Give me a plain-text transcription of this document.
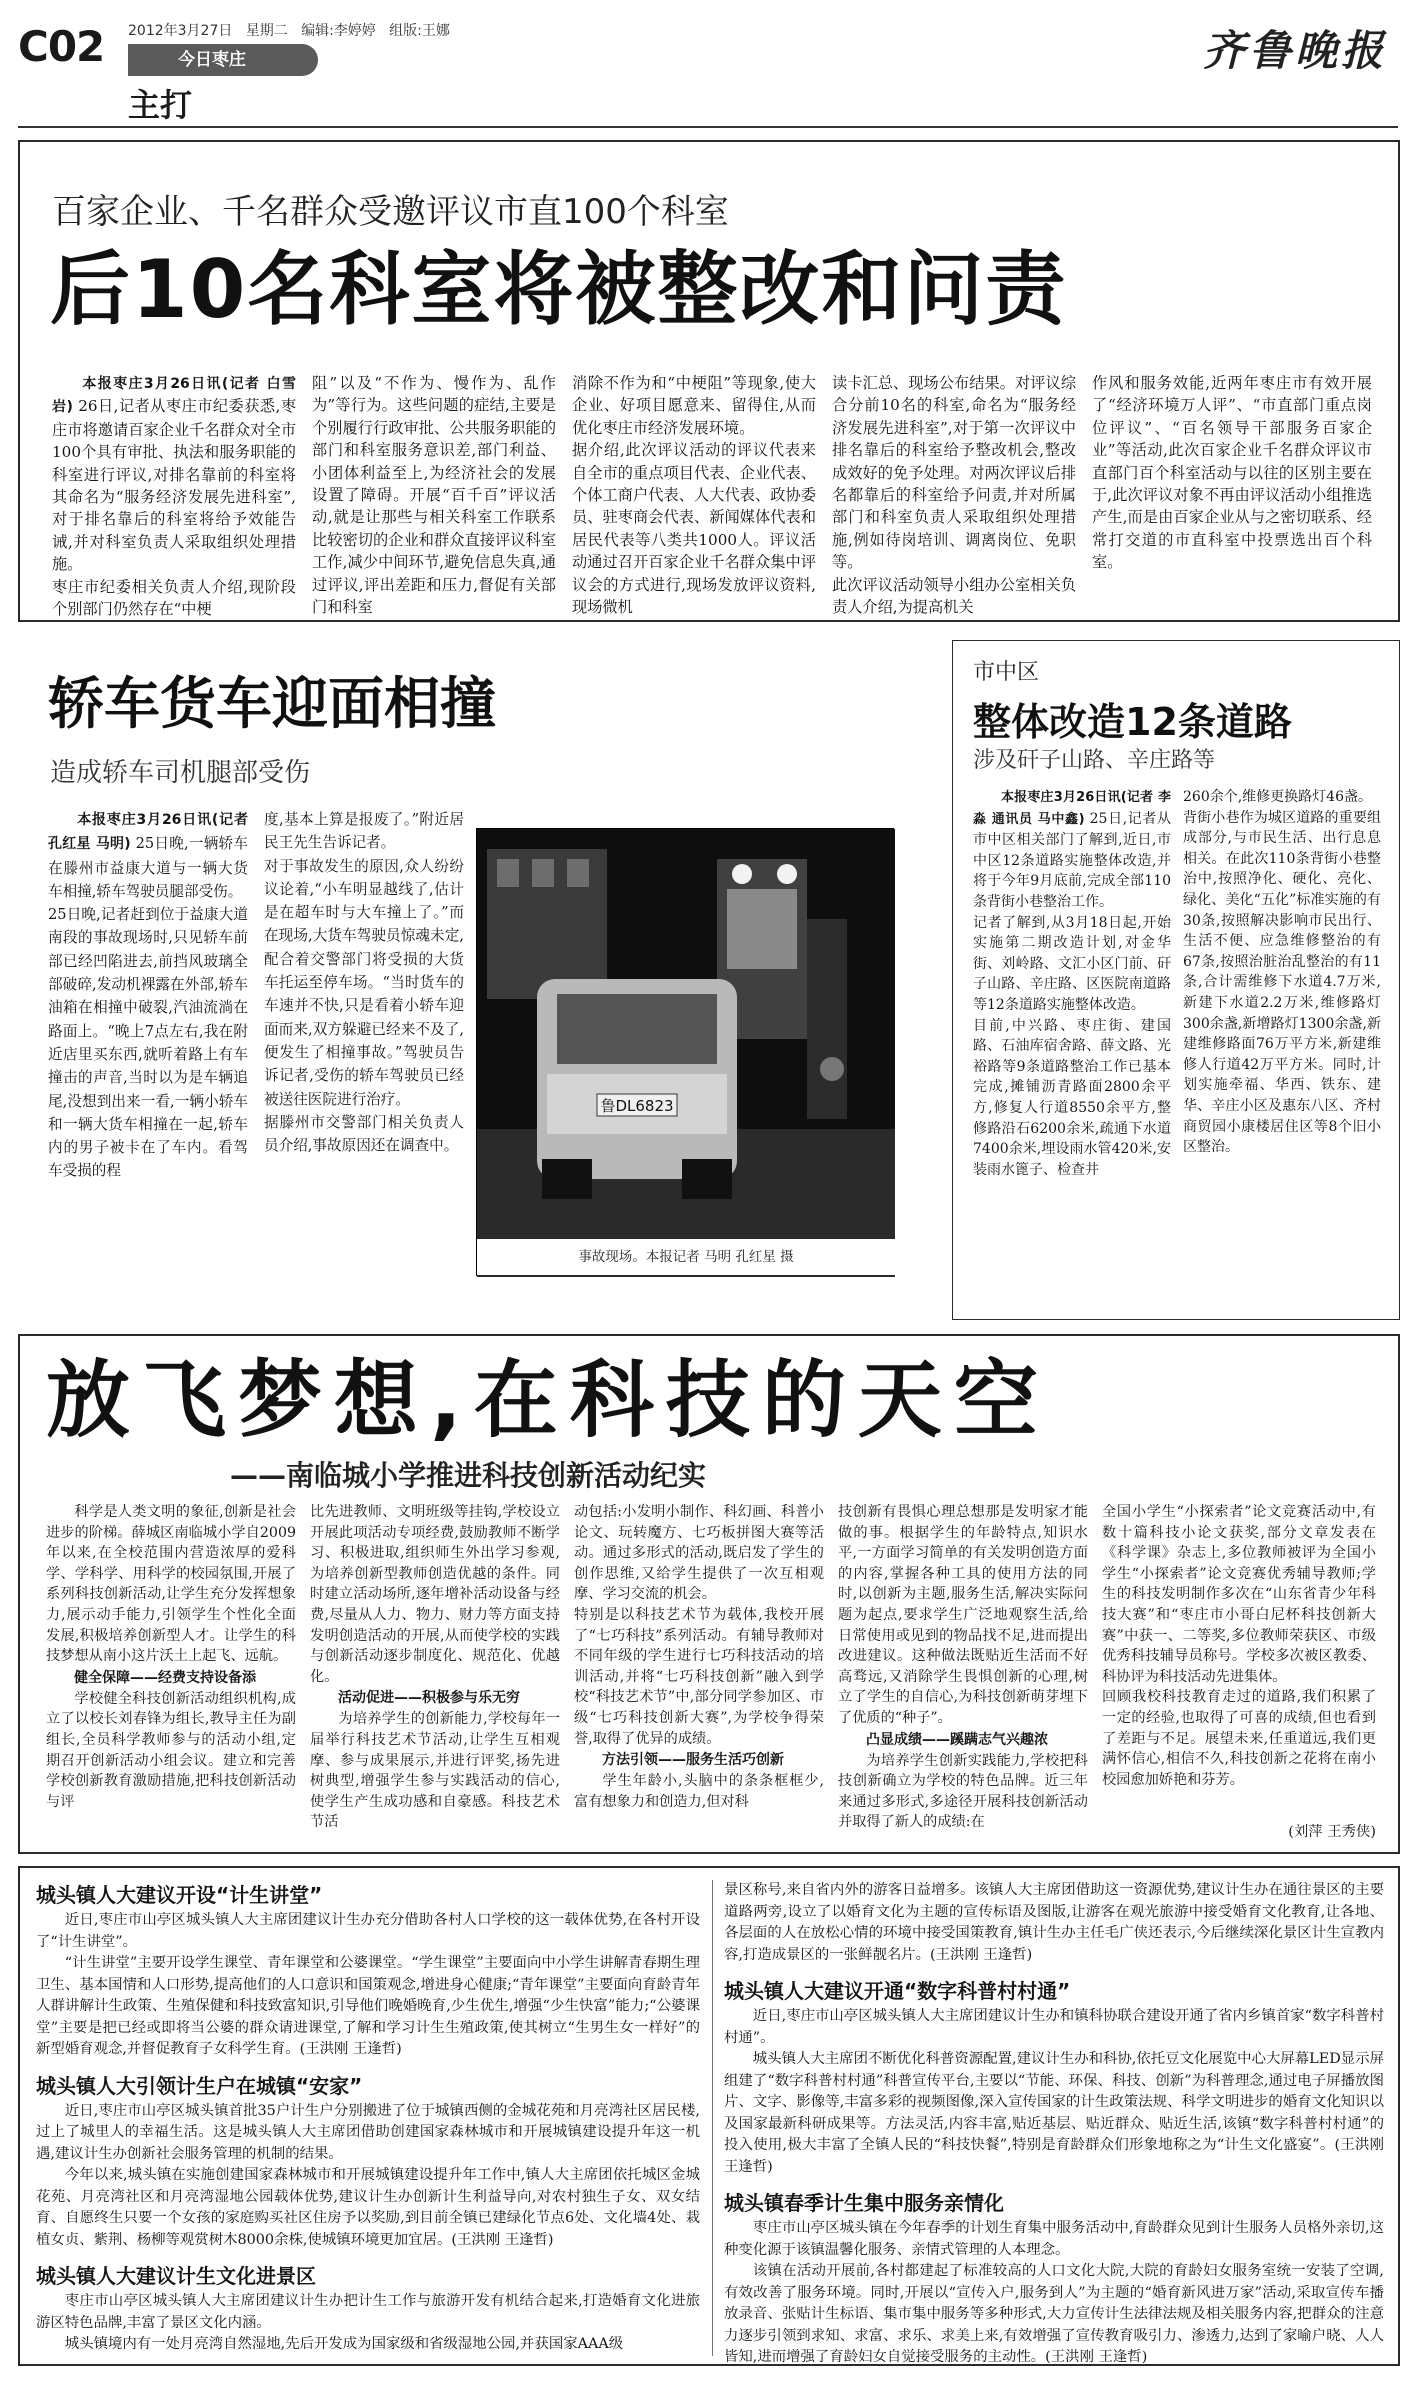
C02 2012年3月27日 星期二 编辑:李婷婷 组版:王娜
今日枣庄
主打
齐鲁晚报
百家企业、千名群众受邀评议市直100个科室
后10名科室将被整改和问责
本报枣庄3月26日讯(记者 白雪岩) 26日,记者从枣庄市纪委获悉,枣庄市将邀请百家企业千名群众对全市100个具有审批、执法和服务职能的科室进行评议,对排名靠前的科室将其命名为“服务经济发展先进科室”,对于排名靠后的科室将给予效能告诫,并对科室负责人采取组织处理措施。
枣庄市纪委相关负责人介绍,现阶段个别部门仍然存在“中梗
阻”以及“不作为、慢作为、乱作为”等行为。这些问题的症结,主要是个别履行行政审批、公共服务职能的部门和科室服务意识差,部门利益、小团体利益至上,为经济社会的发展设置了障碍。开展“百千百”评议活动,就是让那些与相关科室工作联系比较密切的企业和群众直接评议科室工作,减少中间环节,避免信息失真,通过评议,评出差距和压力,督促有关部门和科室
消除不作为和“中梗阻”等现象,使大企业、好项目愿意来、留得住,从而优化枣庄市经济发展环境。
据介绍,此次评议活动的评议代表来自全市的重点项目代表、企业代表、个体工商户代表、人大代表、政协委员、驻枣商会代表、新闻媒体代表和居民代表等八类共1000人。评议活动通过召开百家企业千名群众集中评议会的方式进行,现场发放评议资料,现场微机
读卡汇总、现场公布结果。对评议综合分前10名的科室,命名为“服务经济发展先进科室”,对于第一次评议中排名靠后的科室给予整改机会,整改成效好的免予处理。对两次评议后排名都靠后的科室给予问责,并对所属部门和科室负责人采取组织处理措施,例如待岗培训、调离岗位、免职等。
此次评议活动领导小组办公室相关负责人介绍,为提高机关
作风和服务效能,近两年枣庄市有效开展了“经济环境万人评”、“市直部门重点岗位评议”、“百名领导干部服务百家企业”等活动,此次百家企业千名群众评议市直部门百个科室活动与以往的区别主要在于,此次评议对象不再由评议活动小组推选产生,而是由百家企业从与之密切联系、经常打交道的市直科室中投票选出百个科室。
轿车货车迎面相撞
造成轿车司机腿部受伤
本报枣庄3月26日讯(记者 孔红星 马明) 25日晚,一辆轿车在滕州市益康大道与一辆大货车相撞,轿车驾驶员腿部受伤。
25日晚,记者赶到位于益康大道南段的事故现场时,只见轿车前部已经凹陷进去,前挡风玻璃全部破碎,发动机裸露在外部,轿车油箱在相撞中破裂,汽油流淌在路面上。“晚上7点左右,我在附近店里买东西,就听着路上有车撞击的声音,当时以为是车辆追尾,没想到出来一看,一辆小轿车和一辆大货车相撞在一起,轿车内的男子被卡在了车内。看驾车受损的程
度,基本上算是报废了。”附近居民王先生告诉记者。
对于事故发生的原因,众人纷纷议论着,“小车明显越线了,估计是在超车时与大车撞上了。”而在现场,大货车驾驶员惊魂未定,配合着交警部门将受损的大货车托运至停车场。“当时货车的车速并不快,只是看着小轿车迎面而来,双方躲避已经来不及了,便发生了相撞事故。”驾驶员告诉记者,受伤的轿车驾驶员已经被送往医院进行治疗。
据滕州市交警部门相关负责人员介绍,事故原因还在调查中。
鲁DL6823
事故现场。本报记者 马明 孔红星 摄
市中区
整体改造12条道路
涉及矸子山路、辛庄路等
本报枣庄3月26日讯(记者 李淼 通讯员 马中鑫) 25日,记者从市中区相关部门了解到,近日,市中区12条道路实施整体改造,并将于今年9月底前,完成全部110条背街小巷整治工作。
记者了解到,从3月18日起,开始实施第二期改造计划,对金华街、刘岭路、文汇小区门前、矸子山路、辛庄路、区医院南道路等12条道路实施整体改造。
目前,中兴路、枣庄街、建国路、石油库宿舍路、薛文路、光裕路等9条道路整治工作已基本完成,摊铺沥青路面2800余平方,修复人行道8550余平方,整修路沿石6200余米,疏通下水道7400余米,埋设雨水管420米,安装雨水篦子、检查井
260余个,维修更换路灯46盏。
背街小巷作为城区道路的重要组成部分,与市民生活、出行息息相关。在此次110条背街小巷整治中,按照净化、硬化、亮化、绿化、美化“五化”标准实施的有30条,按照解决影响市民出行、生活不便、应急维修整治的有67条,按照治脏治乱整治的有11条,合计需维修下水道4.7万米,新建下水道2.2万米,维修路灯300余盏,新增路灯1300余盏,新建维修路面76万平方米,新建维修人行道42万平方米。同时,计划实施牵福、华西、铁东、建华、辛庄小区及惠东八区、齐村商贸园小康楼居住区等8个旧小区整治。
放飞梦想,在科技的天空
——南临城小学推进科技创新活动纪实
科学是人类文明的象征,创新是社会进步的阶梯。薛城区南临城小学自2009年以来,在全校范围内营造浓厚的爱科学、学科学、用科学的校园氛围,开展了系列科技创新活动,让学生充分发挥想象力,展示动手能力,引领学生个性化全面发展,积极培养创新型人才。让学生的科技梦想从南小这片沃土上起飞、远航。
健全保障——经费支持设备添
学校健全科技创新活动组织机构,成立了以校长刘春锋为组长,教导主任为副组长,全员科学教师参与的活动小组,定期召开创新活动小组会议。建立和完善学校创新教育激励措施,把科技创新活动与评
比先进教师、文明班级等挂钩,学校设立开展此项活动专项经费,鼓励教师不断学习、积极进取,组织师生外出学习参观,为培养创新型教师创造优越的条件。同时建立活动场所,逐年增补活动设备与经费,尽量从人力、物力、财力等方面支持发明创造活动的开展,从而使学校的实践与创新活动逐步制度化、规范化、优越化。
活动促进——积极参与乐无穷
为培养学生的创新能力,学校每年一届举行科技艺术节活动,让学生互相观摩、参与成果展示,并进行评奖,扬先进树典型,增强学生参与实践活动的信心,使学生产生成功感和自豪感。科技艺术节活
动包括:小发明小制作、科幻画、科普小论文、玩转魔方、七巧板拼图大赛等活动。通过多形式的活动,既启发了学生的创作思维,又给学生提供了一次互相观摩、学习交流的机会。
特别是以科技艺术节为载体,我校开展了“七巧科技”系列活动。有辅导教师对不同年级的学生进行七巧科技活动的培训活动,并将“七巧科技创新”融入到学校“科技艺术节”中,部分同学参加区、市级“七巧科技创新大赛”,为学校争得荣誉,取得了优异的成绩。
方法引领——服务生活巧创新
学生年龄小,头脑中的条条框框少,富有想象力和创造力,但对科
技创新有畏惧心理总想那是发明家才能做的事。根据学生的年龄特点,知识水平,一方面学习简单的有关发明创造方面的内容,掌握各种工具的使用方法的同时,以创新为主题,服务生活,解决实际问题为起点,要求学生广泛地观察生活,给日常使用或见到的物品找不足,进而提出改进建议。这种做法既贴近生活而不好高骛远,又消除学生畏惧创新的心理,树立了学生的自信心,为科技创新萌芽埋下了优质的“种子”。
凸显成绩——蹊蹒志气兴趣浓
为培养学生创新实践能力,学校把科技创新确立为学校的特色品牌。近三年来通过多形式,多途径开展科技创新活动并取得了新人的成绩:在
全国小学生“小探索者”论文竞赛活动中,有数十篇科技小论文获奖,部分文章发表在《科学课》杂志上,多位教师被评为全国小学生“小探索者”论文竞赛优秀辅导教师;学生的科技发明制作多次在“山东省青少年科技大赛”和“枣庄市小哥白尼杯科技创新大赛”中获一、二等奖,多位教师荣获区、市级优秀科技辅导员称号。学校多次被区教委、科协评为科技活动先进集体。
回顾我校科技教育走过的道路,我们积累了一定的经验,也取得了可喜的成绩,但也看到了差距与不足。展望未来,任重道远,我们更满怀信心,相信不久,科技创新之花将在南小校园愈加娇艳和芬芳。
(刘萍 王秀侠)
城头镇人大建议开设“计生讲堂”
近日,枣庄市山亭区城头镇人大主席团建议计生办充分借助各村人口学校的这一载体优势,在各村开设了“计生讲堂”。
“计生讲堂”主要开设学生课堂、青年课堂和公婆课堂。“学生课堂”主要面向中小学生讲解青春期生理卫生、基本国情和人口形势,提高他们的人口意识和国策观念,增进身心健康;“青年课堂”主要面向育龄青年人群讲解计生政策、生殖保健和科技致富知识,引导他们晚婚晚育,少生优生,增强“少生快富”能力;“公婆课堂”主要是把已经或即将当公婆的群众请进课堂,了解和学习计生生殖政策,使其树立“生男生女一样好”的新型婚育观念,并督促教育子女科学生育。(王洪刚 王逢哲)
城头镇人大引领计生户在城镇“安家”
近日,枣庄市山亭区城头镇首批35户计生户分别搬进了位于城镇西侧的金城花苑和月亮湾社区居民楼,过上了城里人的幸福生活。这是城头镇人大主席团借助创建国家森林城市和开展城镇建设提升年这一机遇,建议计生办创新社会服务管理的机制的结果。
今年以来,城头镇在实施创建国家森林城市和开展城镇建设提升年工作中,镇人大主席团依托城区金城花苑、月亮湾社区和月亮湾湿地公园载体优势,建议计生办创新计生利益导向,对农村独生子女、双女结育、自愿终生只要一个女孩的家庭购买社区住房予以奖励,到目前全镇已建绿化节点6处、文化墙4处、栽植女贞、紫荆、杨柳等观赏树木8000余株,使城镇环境更加宜居。(王洪刚 王逢哲)
城头镇人大建议计生文化进景区
枣庄市山亭区城头镇人大主席团建议计生办把计生工作与旅游开发有机结合起来,打造婚育文化进旅游区特色品牌,丰富了景区文化内涵。
城头镇境内有一处月亮湾自然湿地,先后开发成为国家级和省级湿地公园,并获国家AAA级
景区称号,来自省内外的游客日益增多。该镇人大主席团借助这一资源优势,建议计生办在通往景区的主要道路两旁,设立了以婚育文化为主题的宣传标语及图版,让游客在观光旅游中接受婚育文化教育,让各地、各层面的人在放松心情的环境中接受国策教育,镇计生办主任毛广侠还表示,今后继续深化景区计生宣教内容,打造成景区的一张鲜靓名片。(王洪刚 王逢哲)
城头镇人大建议开通“数字科普村村通”
近日,枣庄市山亭区城头镇人大主席团建议计生办和镇科协联合建设开通了省内乡镇首家“数字科普村村通”。
城头镇人大主席团不断优化科普资源配置,建议计生办和科协,依托豆文化展览中心大屏幕LED显示屏组建了“数字科普村村通”科普宣传平台,主要以“节能、环保、科技、创新”为科普理念,通过电子屏播放图片、文字、影像等,丰富多彩的视频图像,深入宣传国家的计生政策法规、科学文明进步的婚育文化知识以及国家最新科研成果等。方法灵活,内容丰富,贴近基层、贴近群众、贴近生活,该镇“数字科普村村通”的投入使用,极大丰富了全镇人民的“科技快餐”,特别是育龄群众们形象地称之为“计生文化盛宴”。(王洪刚 王逢哲)
城头镇春季计生集中服务亲情化
枣庄市山亭区城头镇在今年春季的计划生育集中服务活动中,育龄群众见到计生服务人员格外亲切,这种变化源于该镇温馨化服务、亲情式管理的人本理念。
该镇在活动开展前,各村都建起了标准较高的人口文化大院,大院的育龄妇女服务室统一安装了空调,有效改善了服务环境。同时,开展以“宣传入户,服务到人”为主题的“婚育新风进万家”活动,采取宣传车播放录音、张贴计生标语、集市集中服务等多种形式,大力宣传计生法律法规及相关服务内容,把群众的注意力逐步引领到求知、求富、求乐、求美上来,有效增强了宣传教育吸引力、渗透力,达到了家喻户晓、人人皆知,进而增强了育龄妇女自觉接受服务的主动性。(王洪刚 王逢哲)
